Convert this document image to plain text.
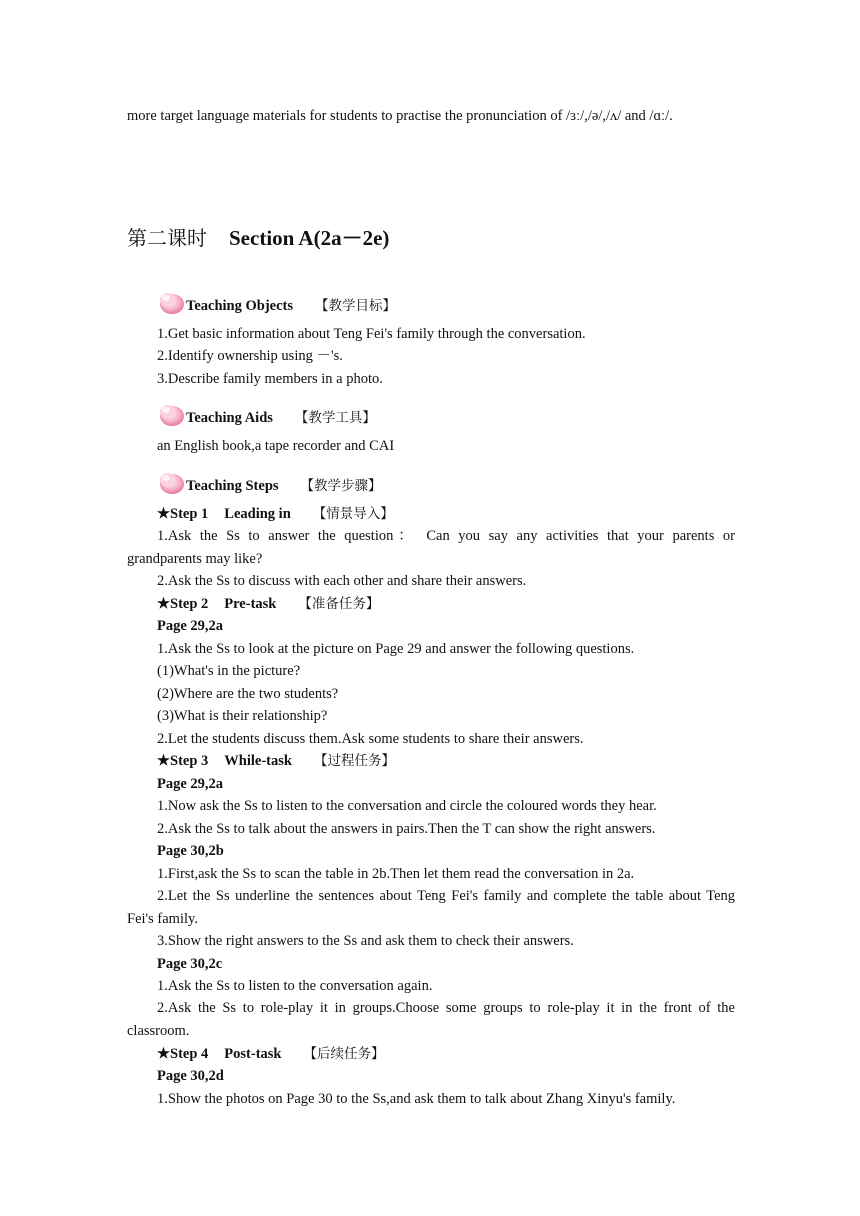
more target language materials for students to practise the pronunciation of /ɜː/,/ə/,/ʌ/ and /ɑː/.
第二课时 Section A(2a－2e)
Teaching Objects 【教学目标】
1.Get basic information about Teng Fei's family through the conversation.
2.Identify ownership using －'s.
3.Describe family members in a photo.
Teaching Aids 【教学工具】
an English book,a tape recorder and CAI
Teaching Steps 【教学步骤】
★Step 1 Leading in 【情景导入】
1.Ask the Ss to answer the question： Can you say any activities that your parents or
grandparents may like?
2.Ask the Ss to discuss with each other and share their answers.
★Step 2 Pre-task 【准备任务】
Page 29,2a
1.Ask the Ss to look at the picture on Page 29 and answer the following questions.
(1)What's in the picture?
(2)Where are the two students?
(3)What is their relationship?
2.Let the students discuss them.Ask some students to share their answers.
★Step 3 While-task 【过程任务】
Page 29,2a
1.Now ask the Ss to listen to the conversation and circle the coloured words they hear.
2.Ask the Ss to talk about the answers in pairs.Then the T can show the right answers.
Page 30,2b
1.First,ask the Ss to scan the table in 2b.Then let them read the conversation in 2a.
2.Let the Ss underline the sentences about Teng Fei's family and complete the table about Teng
Fei's family.
3.Show the right answers to the Ss and ask them to check their answers.
Page 30,2c
1.Ask the Ss to listen to the conversation again.
2.Ask the Ss to role‐play it in groups.Choose some groups to role-play it in the front of the
classroom.
★Step 4 Post-task 【后续任务】
Page 30,2d
1.Show the photos on Page 30 to the Ss,and ask them to talk about Zhang Xinyu's family.
